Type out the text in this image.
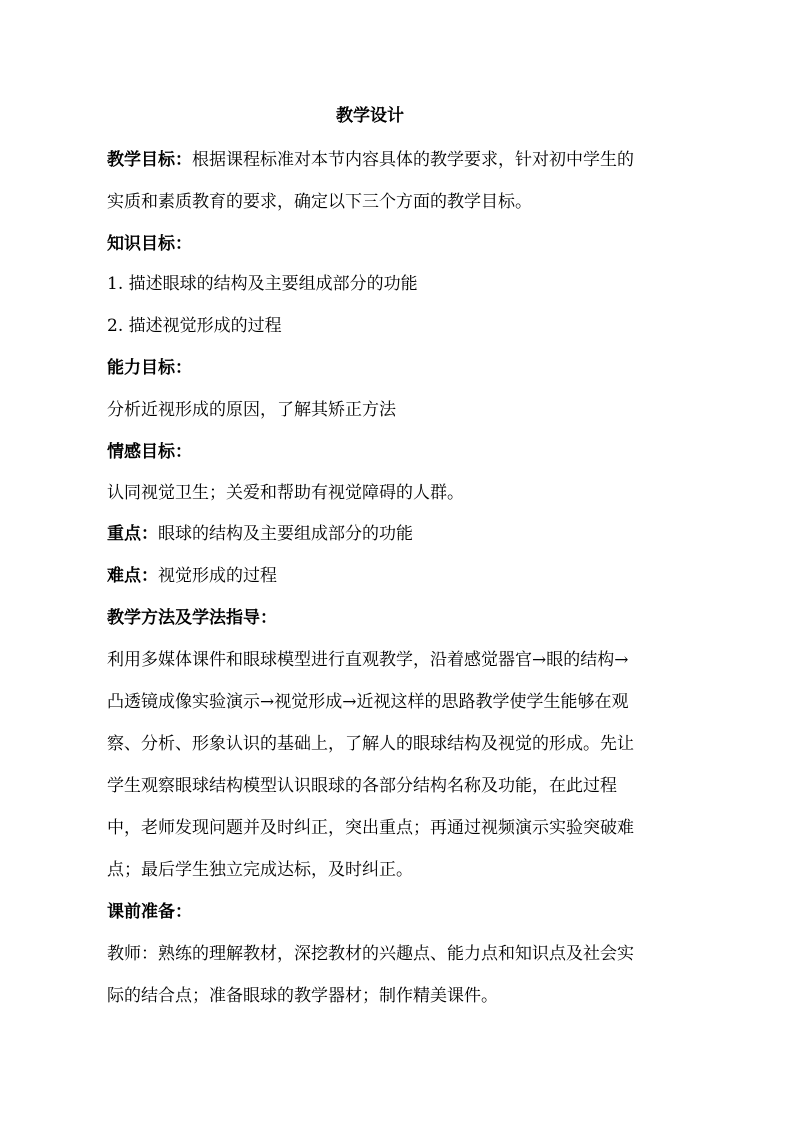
教学设计
教学目标：根据课程标准对本节内容具体的教学要求，针对初中学生的
实质和素质教育的要求，确定以下三个方面的教学目标。
知识目标：
1. 描述眼球的结构及主要组成部分的功能
2. 描述视觉形成的过程
能力目标：
分析近视形成的原因，了解其矫正方法
情感目标：
认同视觉卫生；关爱和帮助有视觉障碍的人群。
重点：眼球的结构及主要组成部分的功能
难点：视觉形成的过程
教学方法及学法指导：
利用多媒体课件和眼球模型进行直观教学，沿着感觉器官→眼的结构→
凸透镜成像实验演示→视觉形成→近视这样的思路教学使学生能够在观
察、分析、形象认识的基础上，了解人的眼球结构及视觉的形成。先让
学生观察眼球结构模型认识眼球的各部分结构名称及功能，在此过程
中，老师发现问题并及时纠正，突出重点；再通过视频演示实验突破难
点；最后学生独立完成达标，及时纠正。
课前准备：
教师：熟练的理解教材，深挖教材的兴趣点、能力点和知识点及社会实
际的结合点；准备眼球的教学器材；制作精美课件。
